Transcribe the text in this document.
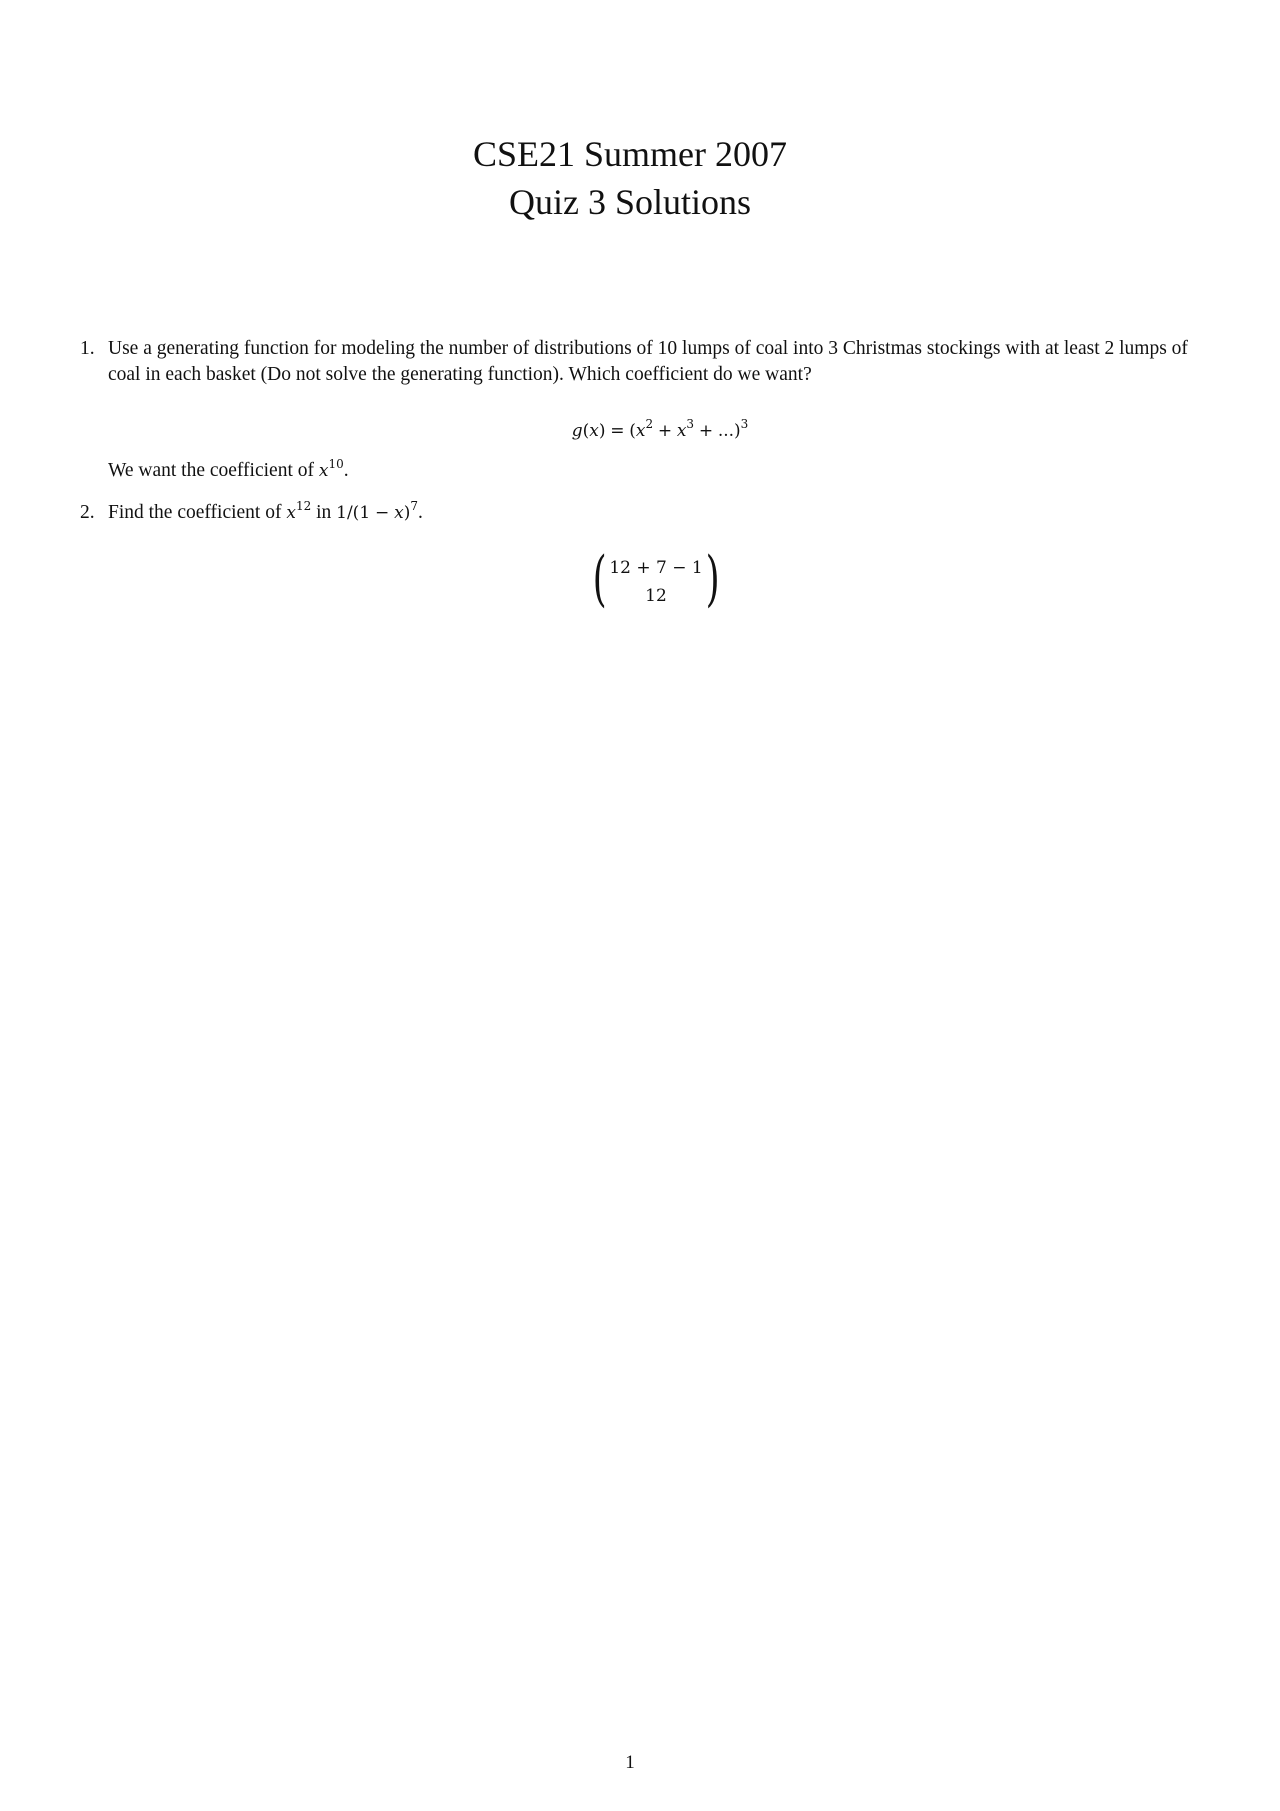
CSE21 Summer 2007
Quiz 3 Solutions
1. Use a generating function for modeling the number of distributions of 10 lumps of coal into 3 Christmas stockings with at least 2 lumps of coal in each basket (Do not solve the generating function). Which coefficient do we want?
$g(x) = (x^2 + x^3 + ...)^3$
We want the coefficient of $x^{10}$.
2. Find the coefficient of $x^{12}$ in $1/(1 - x)^7$.
( 12 + 7 − 1
12 )
1
